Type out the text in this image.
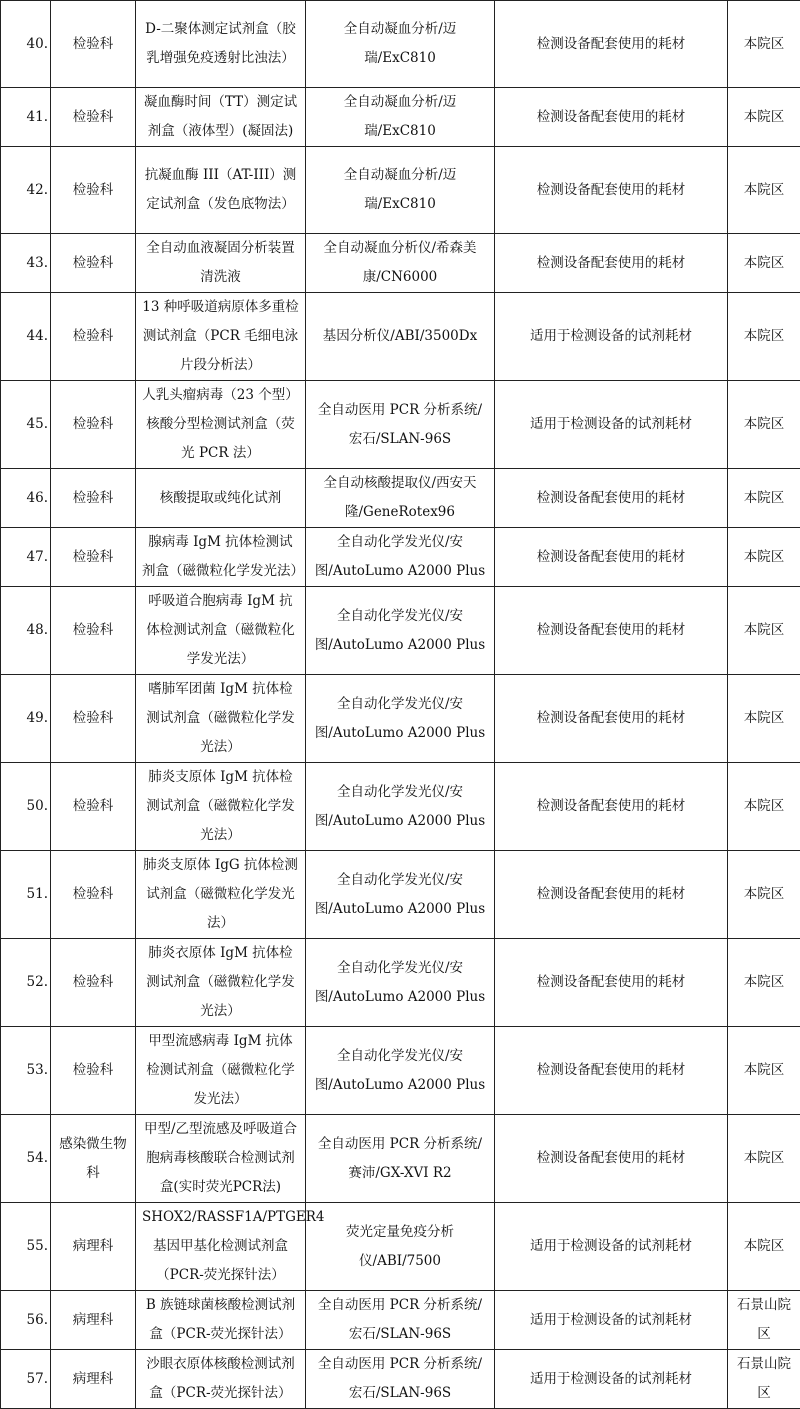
40.	检验科	D-二聚体测定试剂盒（胶乳增强免疫透射比浊法）	全自动凝血分析/迈瑞/ExC810	检测设备配套使用的耗材	本院区
41.	检验科	凝血酶时间（TT）测定试剂盒（液体型）(凝固法)	全自动凝血分析/迈瑞/ExC810	检测设备配套使用的耗材	本院区
42.	检验科	抗凝血酶 III（AT-III）测定试剂盒（发色底物法）	全自动凝血分析/迈瑞/ExC810	检测设备配套使用的耗材	本院区
43.	检验科	全自动血液凝固分析装置清洗液	全自动凝血分析仪/希森美康/CN6000	检测设备配套使用的耗材	本院区
44.	检验科	13 种呼吸道病原体多重检测试剂盒（PCR 毛细电泳片段分析法）	基因分析仪/ABI/3500Dx	适用于检测设备的试剂耗材	本院区
45.	检验科	人乳头瘤病毒（23 个型）核酸分型检测试剂盒（荧光 PCR 法）	全自动医用 PCR 分析系统/宏石/SLAN-96S	适用于检测设备的试剂耗材	本院区
46.	检验科	核酸提取或纯化试剂	全自动核酸提取仪/西安天隆/GeneRotex96	检测设备配套使用的耗材	本院区
47.	检验科	腺病毒 IgM 抗体检测试剂盒（磁微粒化学发光法）	全自动化学发光仪/安图/AutoLumo A2000 Plus	检测设备配套使用的耗材	本院区
48.	检验科	呼吸道合胞病毒 IgM 抗体检测试剂盒（磁微粒化学发光法）	全自动化学发光仪/安图/AutoLumo A2000 Plus	检测设备配套使用的耗材	本院区
49.	检验科	嗜肺军团菌 IgM 抗体检测试剂盒（磁微粒化学发光法）	全自动化学发光仪/安图/AutoLumo A2000 Plus	检测设备配套使用的耗材	本院区
50.	检验科	肺炎支原体 IgM 抗体检测试剂盒（磁微粒化学发光法）	全自动化学发光仪/安图/AutoLumo A2000 Plus	检测设备配套使用的耗材	本院区
51.	检验科	肺炎支原体 IgG 抗体检测试剂盒（磁微粒化学发光法）	全自动化学发光仪/安图/AutoLumo A2000 Plus	检测设备配套使用的耗材	本院区
52.	检验科	肺炎衣原体 IgM 抗体检测试剂盒（磁微粒化学发光法）	全自动化学发光仪/安图/AutoLumo A2000 Plus	检测设备配套使用的耗材	本院区
53.	检验科	甲型流感病毒 IgM 抗体检测试剂盒（磁微粒化学发光法）	全自动化学发光仪/安图/AutoLumo A2000 Plus	检测设备配套使用的耗材	本院区
54.	感染微生物科	甲型/乙型流感及呼吸道合胞病毒核酸联合检测试剂盒(实时荧光PCR法)	全自动医用 PCR 分析系统/赛沛/GX-XVI R2	检测设备配套使用的耗材	本院区
55.	病理科	SHOX2/RASSF1A/PTGER4 基因甲基化检测试剂盒（PCR-荧光探针法）	荧光定量免疫分析仪/ABI/7500	适用于检测设备的试剂耗材	本院区
56.	病理科	B 族链球菌核酸检测试剂盒（PCR-荧光探针法）	全自动医用 PCR 分析系统/宏石/SLAN-96S	适用于检测设备的试剂耗材	石景山院区
57.	病理科	沙眼衣原体核酸检测试剂盒（PCR-荧光探针法）	全自动医用 PCR 分析系统/宏石/SLAN-96S	适用于检测设备的试剂耗材	石景山院区
